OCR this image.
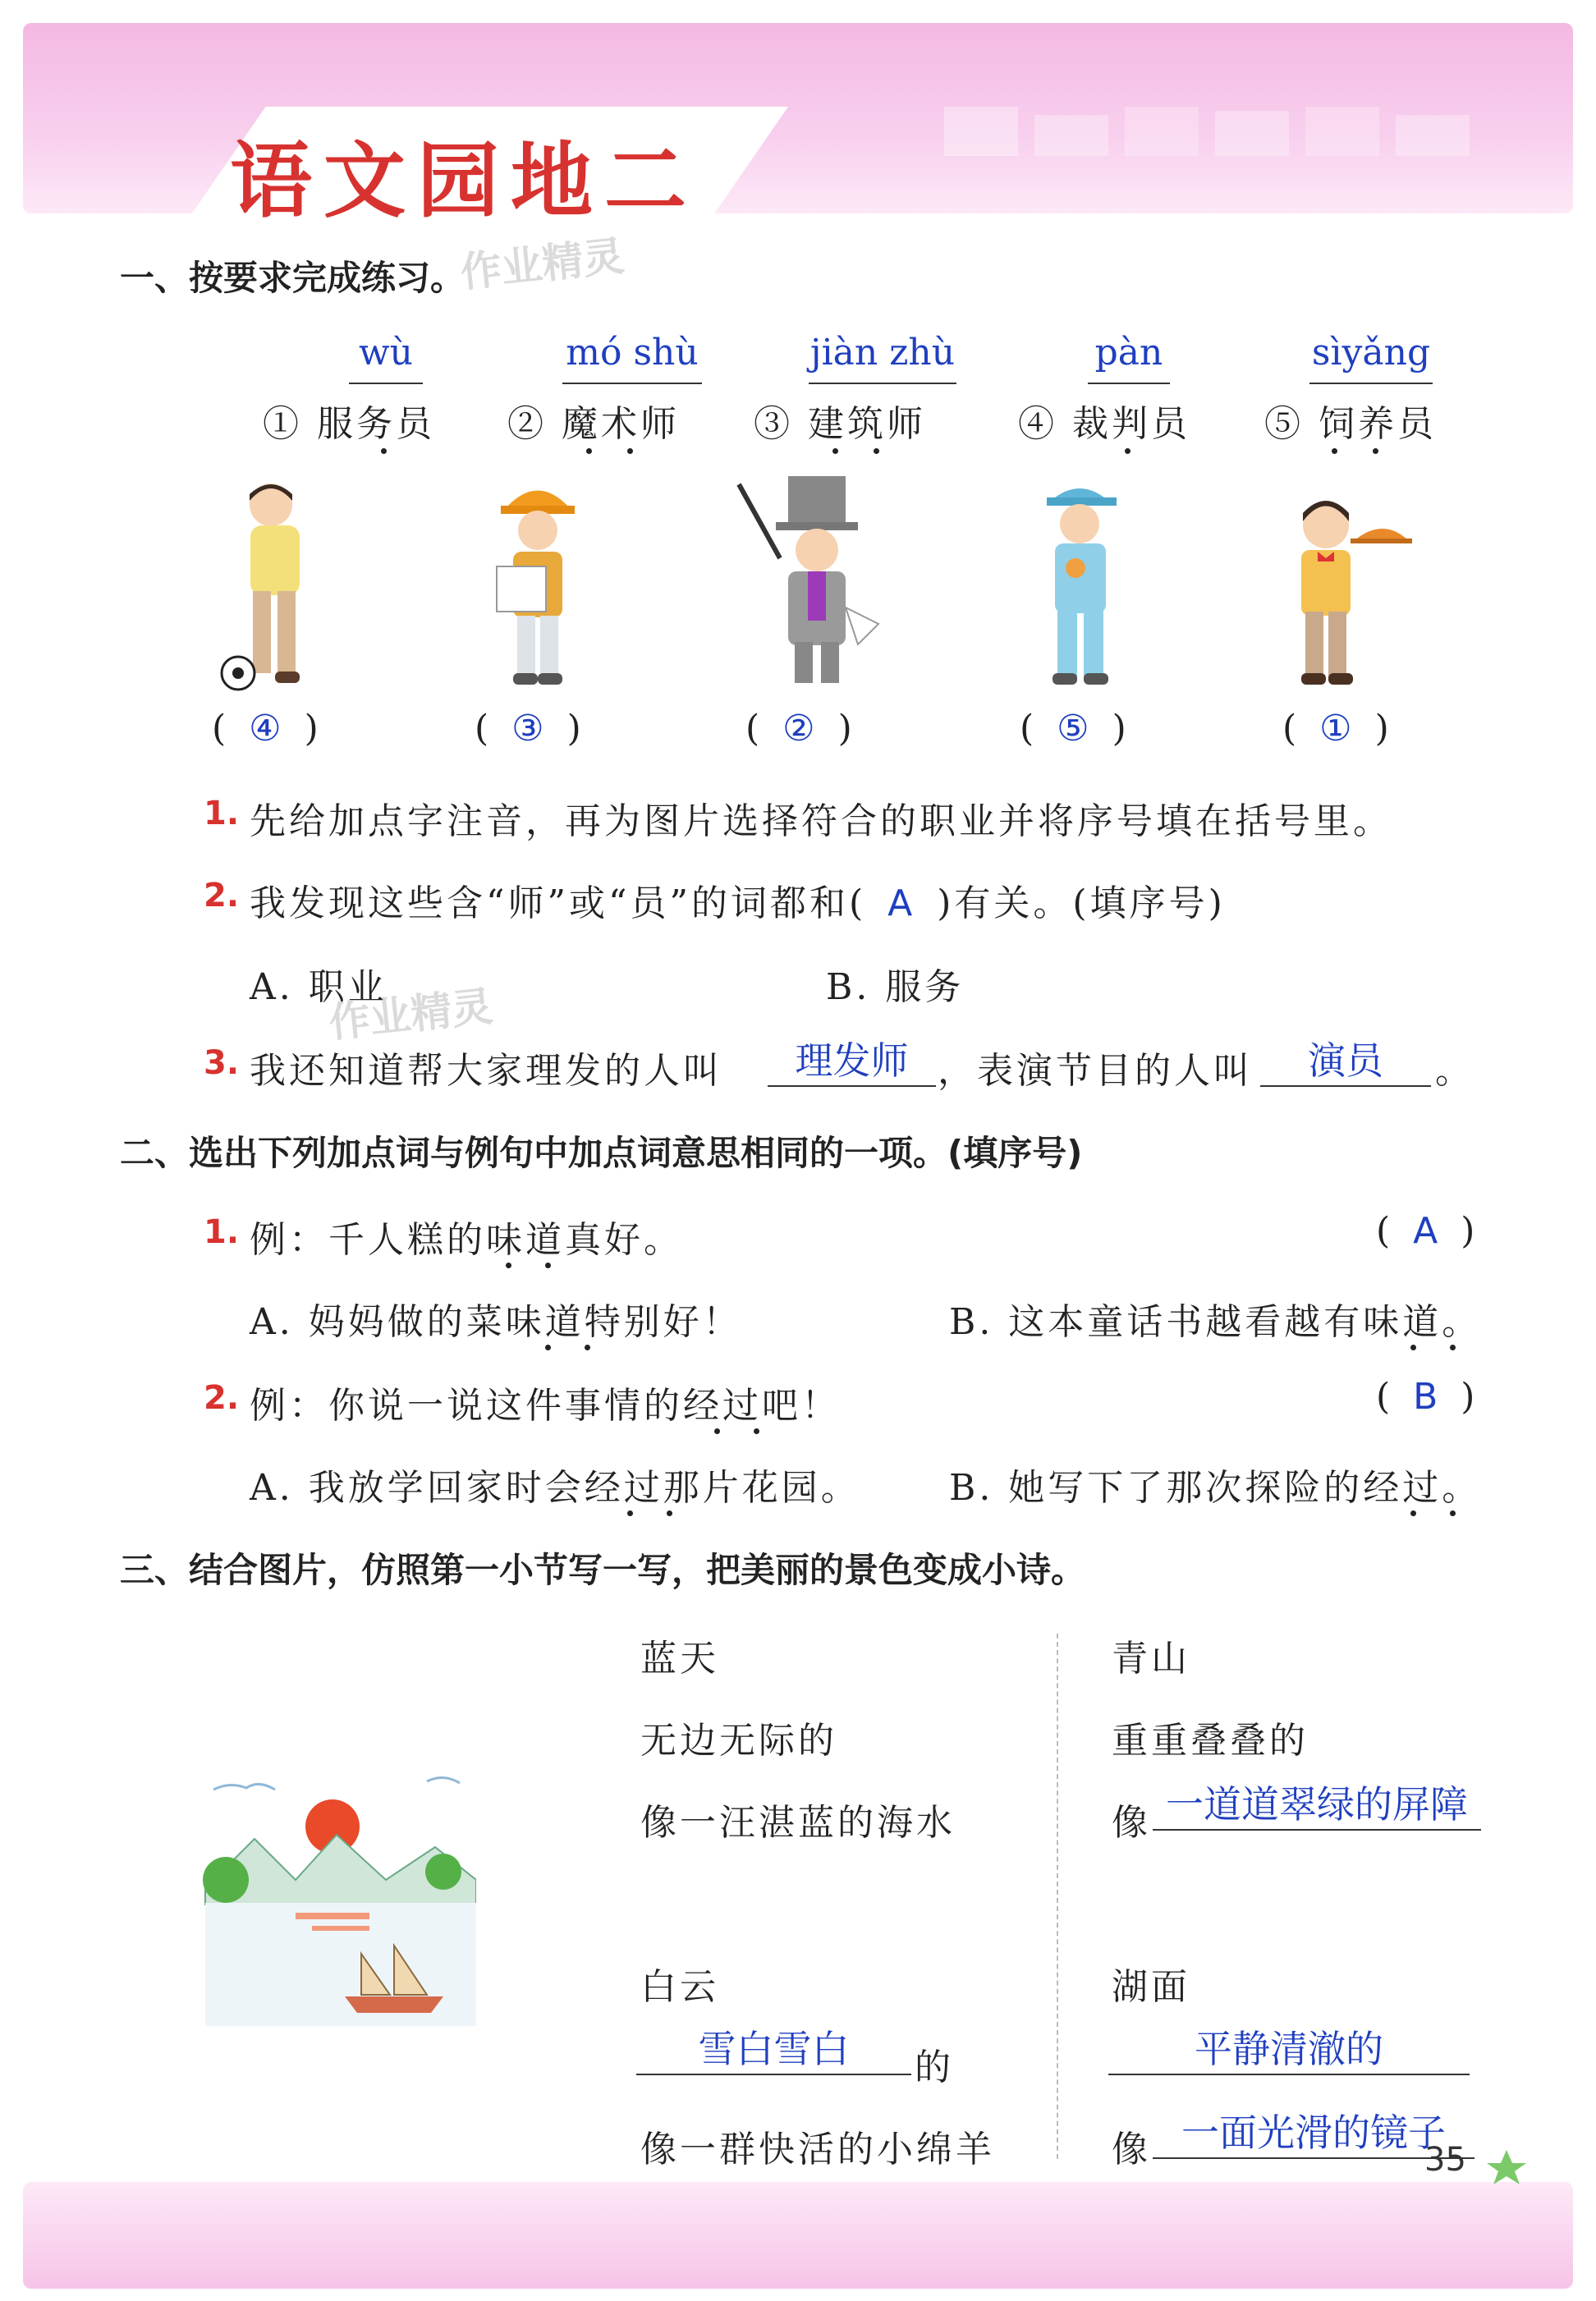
语文园地二
作业精灵
一、按要求完成练习。
wù	mó shù	jiàn zhù	pàn	sìyǎng
① 服务员 ② 魔术师 ③ 建筑师	④ 裁判员 ⑤ 饲养员
(  ④  )	(  ③  )	(  ②  )	(  ⑤  )	(  ①  )
1. 先给加点字注音，再为图片选择符合的职业并将序号填在括号里。
2. 我发现这些含“师”或“员”的词都和( A )有关。(填序号)
A. 职业	B. 服务
作业精灵
3. 我还知道帮大家理发的人叫	理发师 ，表演节目的人叫	演员	。
二、选出下列加点词与例句中加点词意思相同的一项。(填序号)
1. 例：千人糕的味道真好。	(  A  )
A. 妈妈做的菜味道特别好！	B. 这本童话书越看越有味道。
2. 例：你说一说这件事情的经过吧！	(  B  )
A. 我放学回家时会经过那片花园。 B. 她写下了那次探险的经过。
三、结合图片，仿照第一小节写一写，把美丽的景色变成小诗。
蓝天
无边无际的
像一汪湛蓝的海水
白云
雪白雪白	的
像一群快活的小绵羊
青山
重重叠叠的
像 一道道翠绿的屏障
湖面
平静清澈的
像 一面光滑的镜子
35
